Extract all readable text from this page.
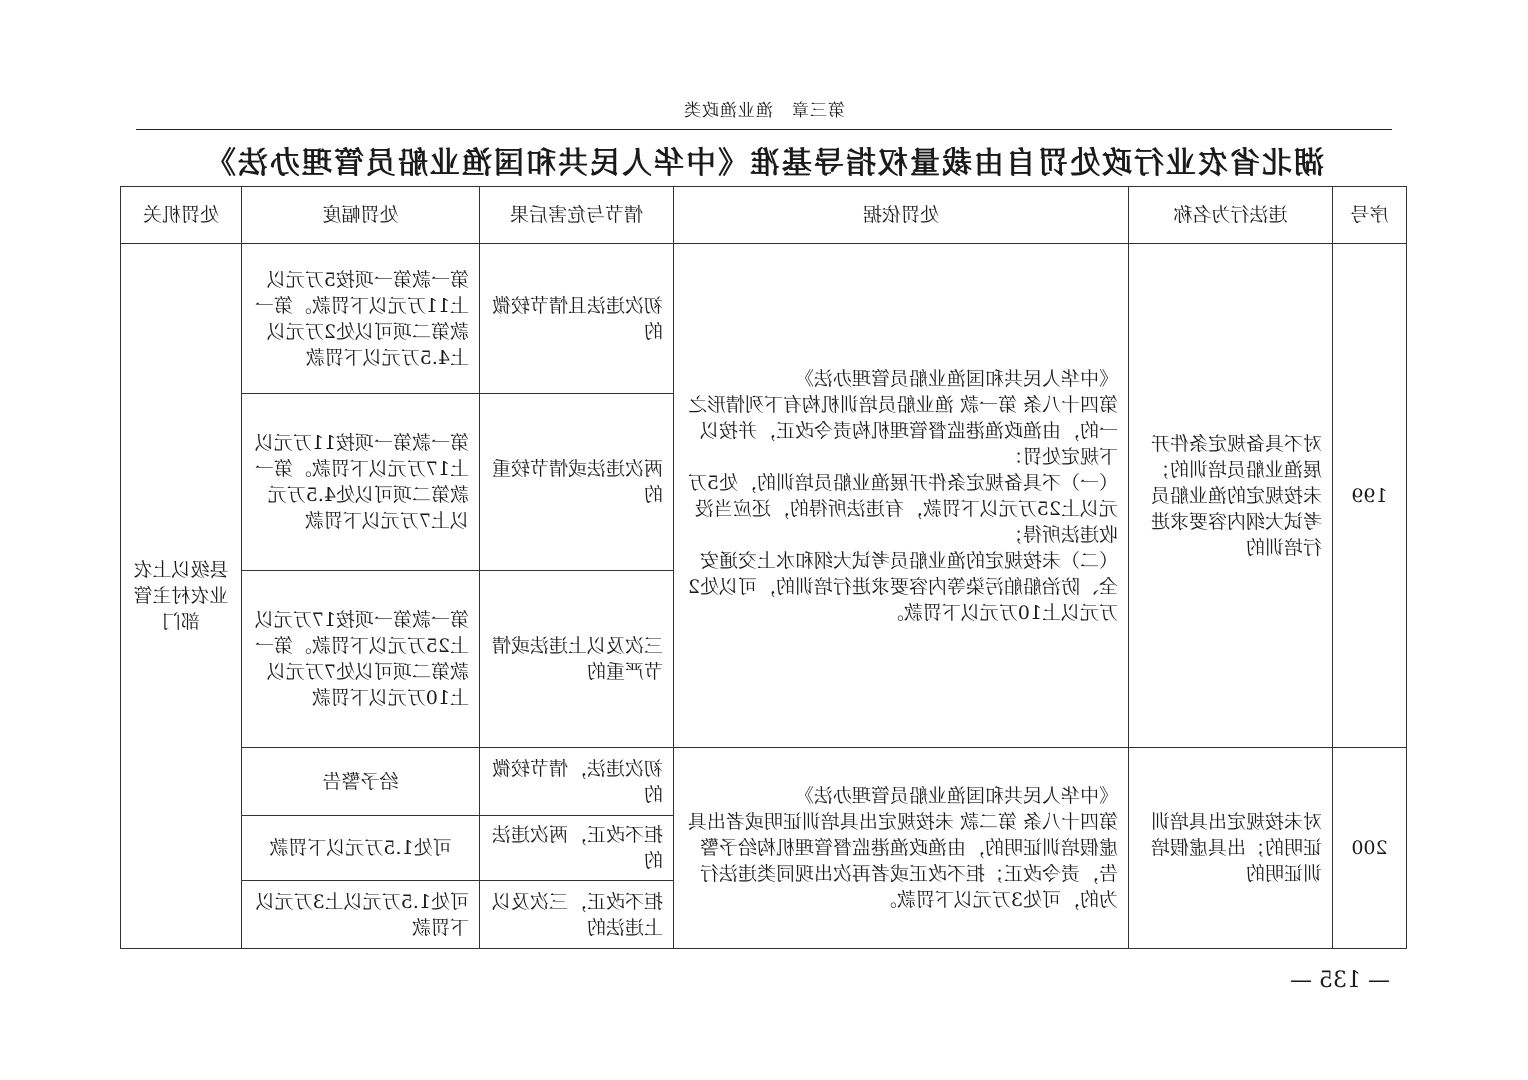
第三章　渔业渔政类
湖北省农业行政处罚自由裁量权指导基准《中华人民共和国渔业船员管理办法》
序号	违法行为名称	处罚依据	情节与危害后果	处罚幅度	处罚机关
199	对不具备规定条件开展渔业船员培训的；未按规定的渔业船员考试大纲内容要求进行培训的	《中华人民共和国渔业船员管理办法》
第四十八条 第一款 渔业船员培训机构有下列情形之一的，由渔政渔港监督管理机构责令改正，并按以下规定处罚：
（一）不具备规定条件开展渔业船员培训的，处5万元以上25万元以下罚款，有违法所得的，还应当没收违法所得；
（二）未按规定的渔业船员考试大纲和水上交通安全、防治船舶污染等内容要求进行培训的，可以处2万元以上10万元以下罚款。	初次违法且情节较微的	第一款第一项按5万元以上11万元以下罚款。第一款第二项可以处2万元以上4.5万元以下罚款	县级以上农业农村主管部门
			两次违法或情节较重的	第一款第一项按11万元以上17万元以下罚款。第一款第二项可以处4.5万元以上7万元以下罚款	
			三次及以上违法或情节严重的	第一款第一项按17万元以上25万元以下罚款。第一款第二项可以处7万元以上10万元以下罚款	
200	对未按规定出具培训证明的；出具虚假培训证明的	《中华人民共和国渔业船员管理办法》
第四十八条 第二款 未按规定出具培训证明或者出具虚假培训证明的，由渔政渔港监督管理机构给予警告，责令改正；拒不改正或者再次出现同类违法行为的，可处3万元以下罚款。	初次违法，情节较微的	给予警告	
			拒不改正，两次违法的	可处1.5万元以下罚款	
			拒不改正，三次及以上违法的	可处1.5万元以上3万元以下罚款	
— 135 —
